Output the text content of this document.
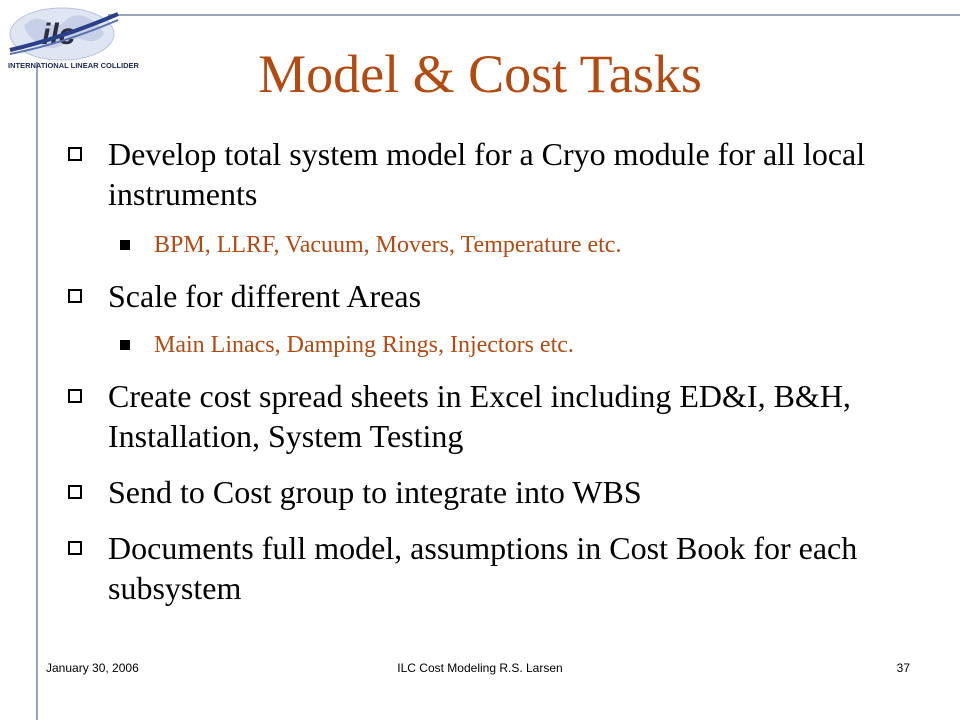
ilc
INTERNATIONAL LINEAR COLLIDER	Model & Cost Tasks
Develop total system model for a Cryo module for all local instruments
BPM, LLRF, Vacuum, Movers, Temperature etc.
Scale for different Areas
Main Linacs, Damping Rings, Injectors etc.
Create cost spread sheets in Excel including ED&I, B&H, Installation, System Testing
Send to Cost group to integrate into WBS
Documents full model, assumptions in Cost Book for each subsystem
January 30, 2006	ILC Cost Modeling R.S. Larsen	37
